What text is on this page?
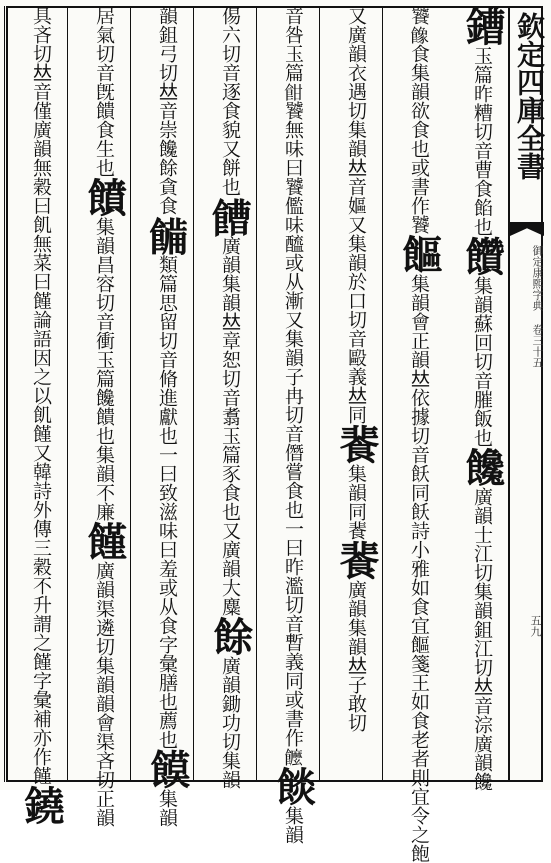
欽定四庫全書
御定康熙字典 卷三十五
五九
鏪玉篇昨糟切音曹食餡也饡集韻蘇回切音膗飯也饞廣韻士江切集韻鉏江切𠀤音淙廣韻饞
饕𩞧食集韻欲食也或書作饕饇集韻會正韻𠀤依據切音飫同飫詩小雅如食宜饇箋王如食老者則宜令之飽
又廣韻衣遇切集韻𠀤音嫗又集韻於口切音毆義𠀤同餥集韻同餥餥廣韻集韻𠀤子敢切
音咎玉篇𩚵饕無味曰饕儖味醯或从漸又集韻子冉切音僭嘗食也一曰昨濫切音暫義同或書作𩟠餤集韻
㑥六切音逐食貌又餅也𩞄廣韻集韻𠀤章恕切音翥玉篇豕食也又廣韻大麋餘廣韻鋤功切集韻
韻鉏弓切𠀤音崇饞餘貪食𩝳類篇思留切音脩進獻也一曰致滋味曰羞或从食字彙膳也薦也饃集韻
居氣切音旣饋食生也饙集韻昌容切音衝玉篇饞饋也集韻不廉饉廣韻渠遴切集韻韻會渠吝切正韻
具吝切𠀤音僅廣韻無穀曰飢無菜曰饉論語因之以飢饉又韓詩外傳三穀不升謂之饉字彙補亦作饉鐃
